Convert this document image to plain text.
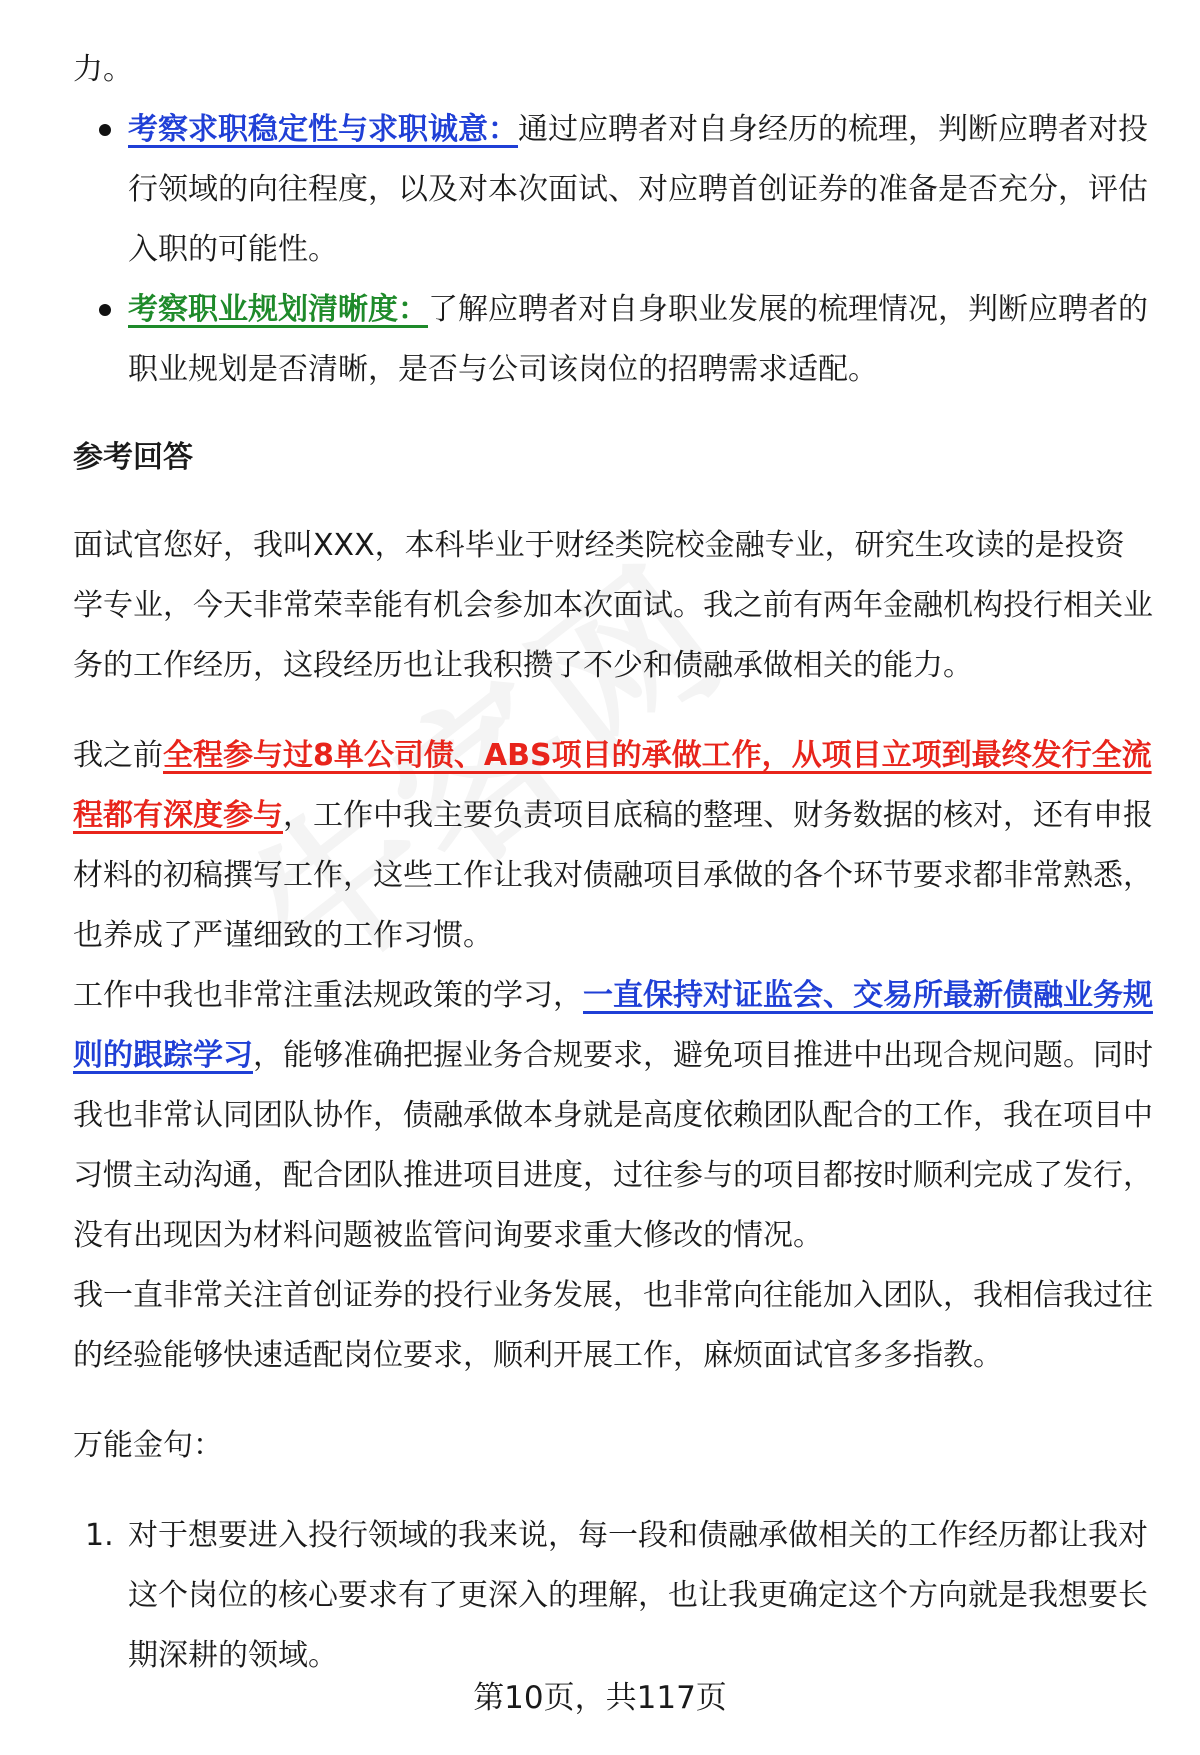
力。

考察求职稳定性与求职诚意：通过应聘者对自身经历的梳理，判断应聘者对投行领域的向往程度，以及对本次面试、对应聘首创证券的准备是否充分，评估入职的可能性。
考察职业规划清晰度：了解应聘者对自身职业发展的梳理情况，判断应聘者的职业规划是否清晰，是否与公司该岗位的招聘需求适配。

参考回答

面试官您好，我叫XXX，本科毕业于财经类院校金融专业，研究生攻读的是投资学专业，今天非常荣幸能有机会参加本次面试。我之前有两年金融机构投行相关业务的工作经历，这段经历也让我积攒了不少和债融承做相关的能力。

我之前全程参与过8单公司债、ABS项目的承做工作，从项目立项到最终发行全流程都有深度参与，工作中我主要负责项目底稿的整理、财务数据的核对，还有申报材料的初稿撰写工作，这些工作让我对债融项目承做的各个环节要求都非常熟悉，也养成了严谨细致的工作习惯。

工作中我也非常注重法规政策的学习，一直保持对证监会、交易所最新债融业务规则的跟踪学习，能够准确把握业务合规要求，避免项目推进中出现合规问题。同时我也非常认同团队协作，债融承做本身就是高度依赖团队配合的工作，我在项目中习惯主动沟通，配合团队推进项目进度，过往参与的项目都按时顺利完成了发行，没有出现因为材料问题被监管问询要求重大修改的情况。

我一直非常关注首创证券的投行业务发展，也非常向往能加入团队，我相信我过往的经验能够快速适配岗位要求，顺利开展工作，麻烦面试官多多指教。

万能金句：

1. 对于想要进入投行领域的我来说，每一段和债融承做相关的工作经历都让我对这个岗位的核心要求有了更深入的理解，也让我更确定这个方向就是我想要长期深耕的领域。
第10页，共117页
